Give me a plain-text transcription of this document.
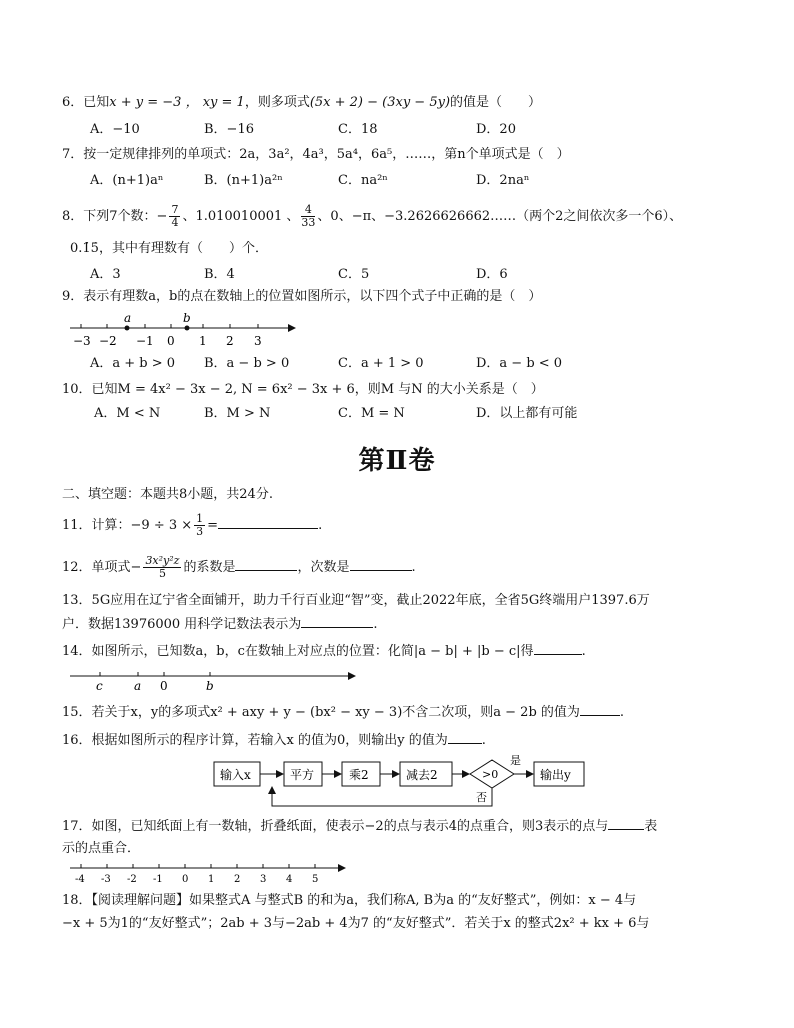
6．已知x + y = −3 ， xy = 1，则多项式(5x + 2) − (3xy − 5y)的值是（　　）
A．−10	B．−16	C．18	D．20
7．按一定规律排列的单项式：2a，3a²，4a³，5a⁴，6a⁵，……，第n个单项式是（　）
A．(n+1)aⁿ	B．(n+1)a²ⁿ	C．na²ⁿ	D．2naⁿ
8．下列7个数：− $\frac{7}{4}$ 、1.010010001 、 $\frac{4}{33}$ 、0、−π、−3.2626626662……（两个2之间依次多一个6）、
0.1̇5̇，其中有理数有（　　）个．
A．3	B．4	C．5	D．6
9．表示有理数a，b的点在数轴上的位置如图所示，以下四个式子中正确的是（　）
a	b
−3 −2 −1 0 1 2 3
A．a + b > 0 B．a − b > 0	C．a + 1 > 0	D．a − b < 0
10．已知M = 4x² − 3x − 2, N = 6x² − 3x + 6，则M 与N 的大小关系是（　）
A．M < N	B．M > N	C．M = N	D．以上都有可能
第Ⅱ卷
二、填空题：本题共8小题，共24分.
11．计算：$-9 \div 3 \times \frac{1}{3}$ =	.
12．单项式− $\frac{\text{3x²y²z}}{5}$ 的系数是	，次数是	.
13．5G应用在辽宁省全面铺开，助力千行百业迎“智”变，截止2022年底，全省5G终端用户1397.6万
户．数据13976000 用科学记数法表示为	.
14．如图所示，已知数a，b，c在数轴上对应点的位置：化简|a − b| + |b − c|得	.
c	a 0	b
15．若关于x，y的多项式x² + axy + y − (bx² − xy − 3)不含二次项，则a − 2b 的值为	.
16．根据如图所示的程序计算，若输入x 的值为0，则输出y 的值为	.
输入x	平方	乘2	减去2	>0	输出y
是
否
17．如图，已知纸面上有一数轴，折叠纸面，使表示−2的点与表示4的点重合，则3表示的点与	表
示的点重合．
-4 -3 -2 -1 0 1 2 3 4 5
18．【阅读理解问题】如果整式A 与整式B 的和为a，我们称A, B为a 的“友好整式”，例如：x − 4与
−x + 5为1的“友好整式”；2ab + 3与−2ab + 4为7 的“友好整式”．若关于x 的整式2x² + kx + 6与
